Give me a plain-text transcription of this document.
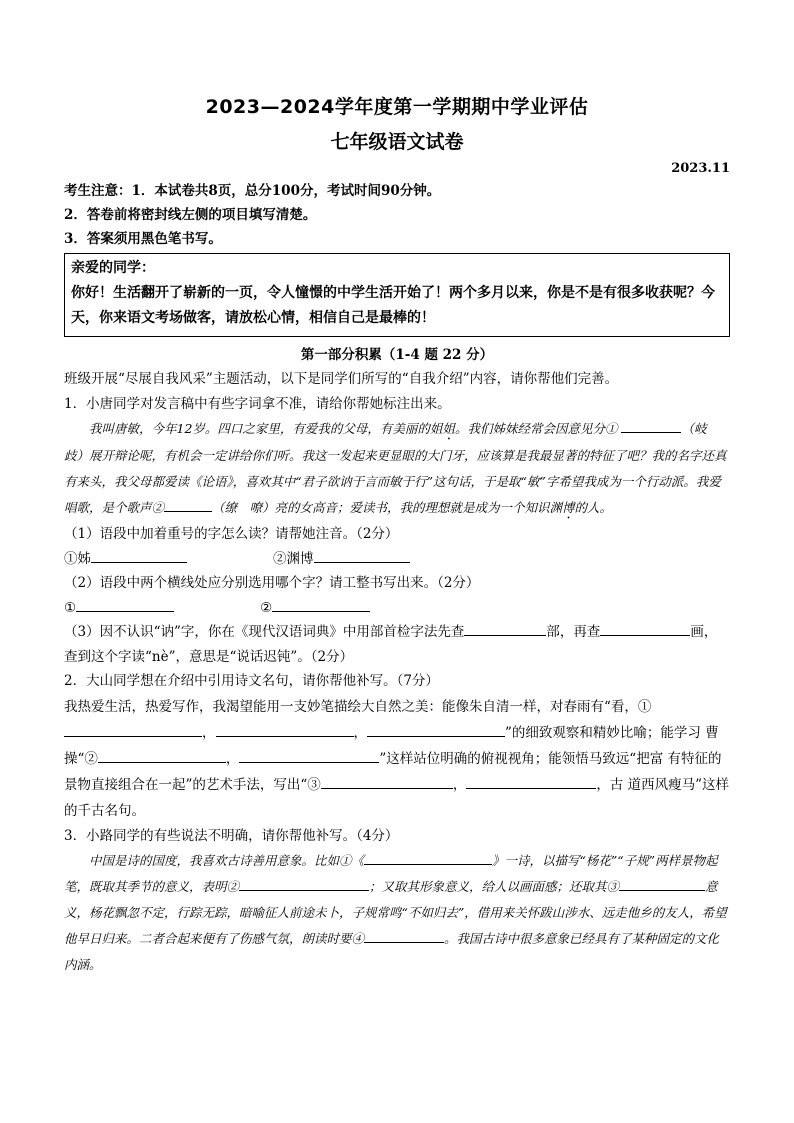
2023—2024学年度第一学期期中学业评估
七年级语文试卷
2023.11
考生注意：1．本试卷共8页，总分100分，考试时间90分钟。
2．答卷前将密封线左侧的项目填写清楚。
3．答案须用黑色笔书写。
亲爱的同学：
你好！生活翻开了崭新的一页，令人憧憬的中学生活开始了！两个多月以来，你是不是有很多收获呢？今天，你来语文考场做客，请放松心情，相信自己是最棒的！
第一部分积累（1-4 题 22 分）
班级开展“尽展自我风采”主题活动，以下是同学们所写的“自我介绍”内容，请你帮他们完善。
1．小唐同学对发言稿中有些字词拿不准，请给你帮她标注出来。
我叫唐敏，今年12岁。四口之家里，有爱我的父母，有美丽的姐姐。我们姊妹经常会因意见分①	（岐　歧）展开辩论呢，有机会一定讲给你们听。我这一发起来更显眼的大门牙，应该算是我最显著的特征了吧？我的名字还真有来头，我父母都爱读《论语》，喜欢其中“君子欲讷于言而敏于行”这句话，于是取“敏”字希望我成为一个行动派。我爱唱歌，是个歌声②	（缭　嘹）亮的女高音；爱读书，我的理想就是成为一个知识渊博的人。
（1）语段中加着重号的字怎么读？请帮她注音。（2分）
①姊	②渊博
（2）语段中两个横线处应分别选用哪个字？请工整书写出来。（2分）
①	②
（3）因不认识“讷”字，你在《现代汉语词典》中用部首检字法先查	部，再查	画，查到这个字读“nè”，意思是“说话迟钝”。（2分）
2．大山同学想在介绍中引用诗文名句，请你帮他补写。（7分）
我热爱生活，热爱写作，我渴望能用一支妙笔描绘大自然之美：能像朱自清一样，对春雨有“看，① ，	，	”的细致观察和精妙比喻；能学习 曹操“②	，	”这样站位明确的俯视视角；能领悟马致远“把富 有特征的景物直接组合在一起”的艺术手法，写出“③	，	，古 道西风瘦马”这样的千古名句。
3．小路同学的有些说法不明确，请你帮他补写。（4分）
中国是诗的国度，我喜欢古诗善用意象。比如①《	》一诗，以描写“杨花”“子规”两样景物起笔，既取其季节的意义，表明②	；又取其形象意义，给人以画面感；还取其③	意义，杨花飘忽不定，行踪无踪，暗喻征人前途未卜，子规常鸣“不如归去”，借用来关怀跋山涉水、远走他乡的友人，希望他早日归来。二者合起来便有了伤感气氛，朗读时要④	。我国古诗中很多意象已经具有了某种固定的文化内涵。
